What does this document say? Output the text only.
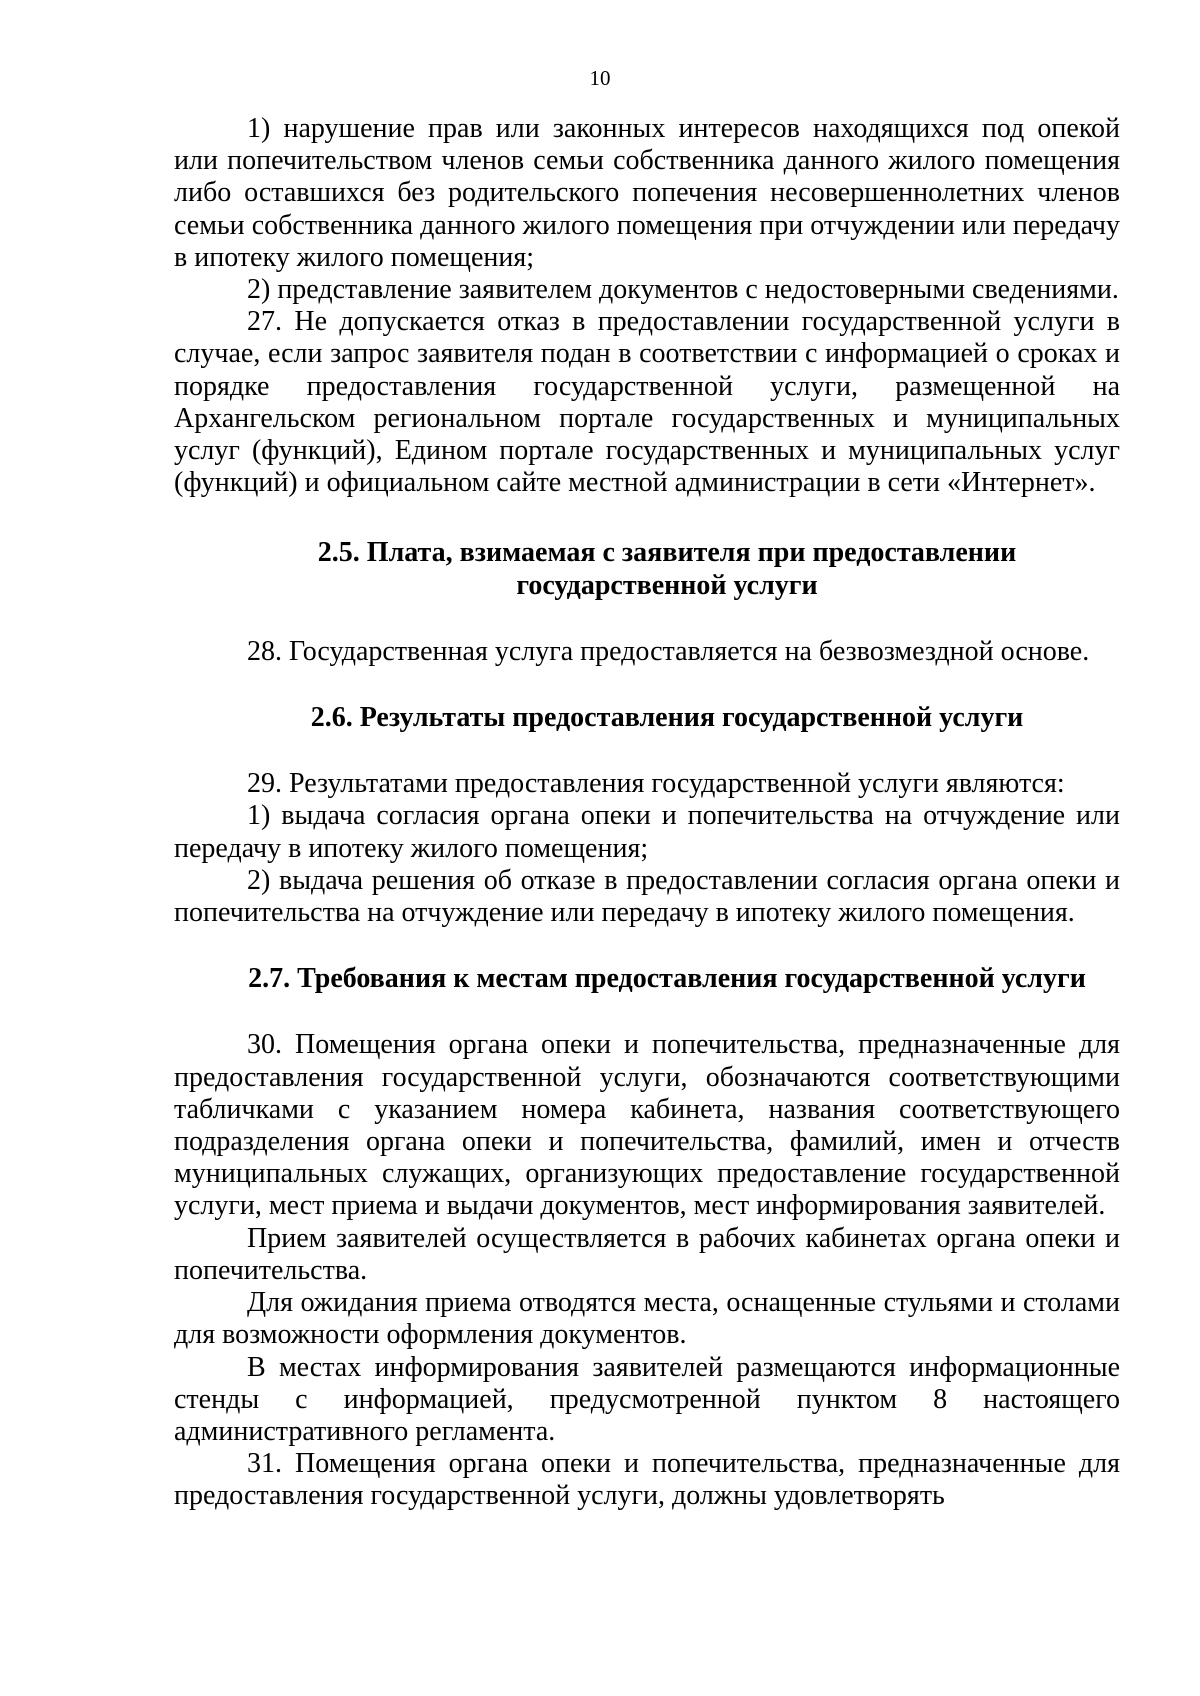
10

1) нарушение прав или законных интересов находящихся под опекой или попечительством членов семьи собственника данного жилого помещения либо оставшихся без родительского попечения несовершеннолетних членов семьи собственника данного жилого помещения при отчуждении или передачу в ипотеку жилого помещения;

2) представление заявителем документов с недостоверными сведениями.

27. Не допускается отказ в предоставлении государственной услуги в случае, если запрос заявителя подан в соответствии с информацией о сроках и порядке предоставления государственной услуги, размещенной на Архангельском региональном портале государственных и муниципальных услуг (функций), Едином портале государственных и муниципальных услуг (функций) и официальном сайте местной администрации в сети «Интернет».

2.5. Плата, взимаемая с заявителя при предоставлении
государственной услуги

28. Государственная услуга предоставляется на безвозмездной основе.

2.6. Результаты предоставления государственной услуги

29. Результатами предоставления государственной услуги являются:

1) выдача согласия органа опеки и попечительства на отчуждение или передачу в ипотеку жилого помещения;

2) выдача решения об отказе в предоставлении согласия органа опеки и попечительства на отчуждение или передачу в ипотеку жилого помещения.

2.7. Требования к местам предоставления государственной услуги

30. Помещения органа опеки и попечительства, предназначенные для предоставления государственной услуги, обозначаются соответствующими табличками с указанием номера кабинета, названия соответствующего подразделения органа опеки и попечительства, фамилий, имен и отчеств муниципальных служащих, организующих предоставление государственной услуги, мест приема и выдачи документов, мест информирования заявителей.

Прием заявителей осуществляется в рабочих кабинетах органа опеки и попечительства.

Для ожидания приема отводятся места, оснащенные стульями и столами для возможности оформления документов.

В местах информирования заявителей размещаются информационные стенды с информацией, предусмотренной пунктом 8 настоящего административного регламента.

31. Помещения органа опеки и попечительства, предназначенные для предоставления государственной услуги, должны удовлетворять
